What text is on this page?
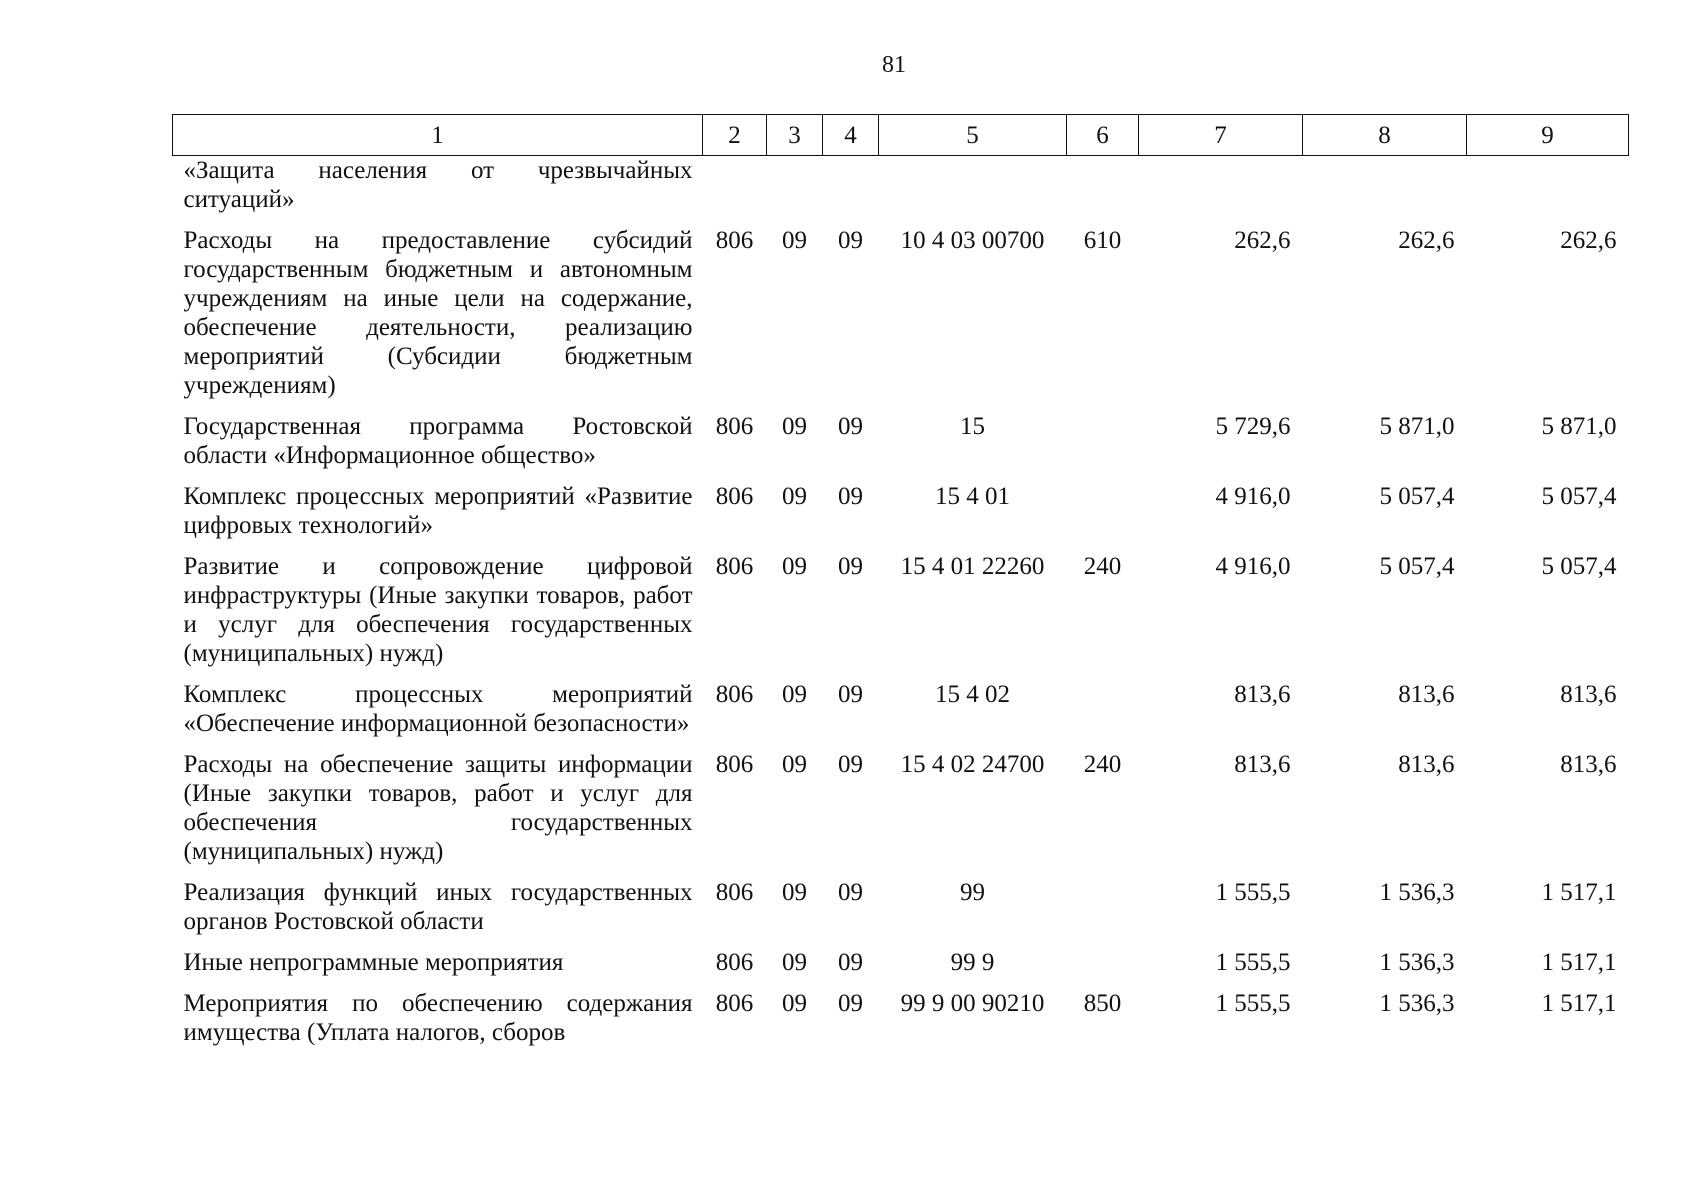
81
1	2	3	4	5	6	7	8	9
«Защита населения от чрезвычайных ситуаций»								
Расходы на предоставление субсидий государственным бюджетным и автономным учреждениям на иные цели на содержание, обеспечение деятельности, реализацию мероприятий (Субсидии бюджетным учреждениям)	806	09	09	10 4 03 00700	610	262,6	262,6	262,6
Государственная программа Ростовской области «Информационное общество»	806	09	09	15		5 729,6	5 871,0	5 871,0
Комплекс процессных мероприятий «Развитие цифровых технологий»	806	09	09	15 4 01		4 916,0	5 057,4	5 057,4
Развитие и сопровождение цифровой инфраструктуры (Иные закупки товаров, работ и услуг для обеспечения государственных (муниципальных) нужд)	806	09	09	15 4 01 22260	240	4 916,0	5 057,4	5 057,4
Комплекс процессных мероприятий «Обеспечение информационной безопасности»	806	09	09	15 4 02		813,6	813,6	813,6
Расходы на обеспечение защиты информации (Иные закупки товаров, работ и услуг для обеспечения государственных (муниципальных) нужд)	806	09	09	15 4 02 24700	240	813,6	813,6	813,6
Реализация функций иных государственных органов Ростовской области	806	09	09	99		1 555,5	1 536,3	1 517,1
Иные непрограммные мероприятия	806	09	09	99 9		1 555,5	1 536,3	1 517,1
Мероприятия по обеспечению содержания имущества (Уплата налогов, сборов	806	09	09	99 9 00 90210	850	1 555,5	1 536,3	1 517,1
